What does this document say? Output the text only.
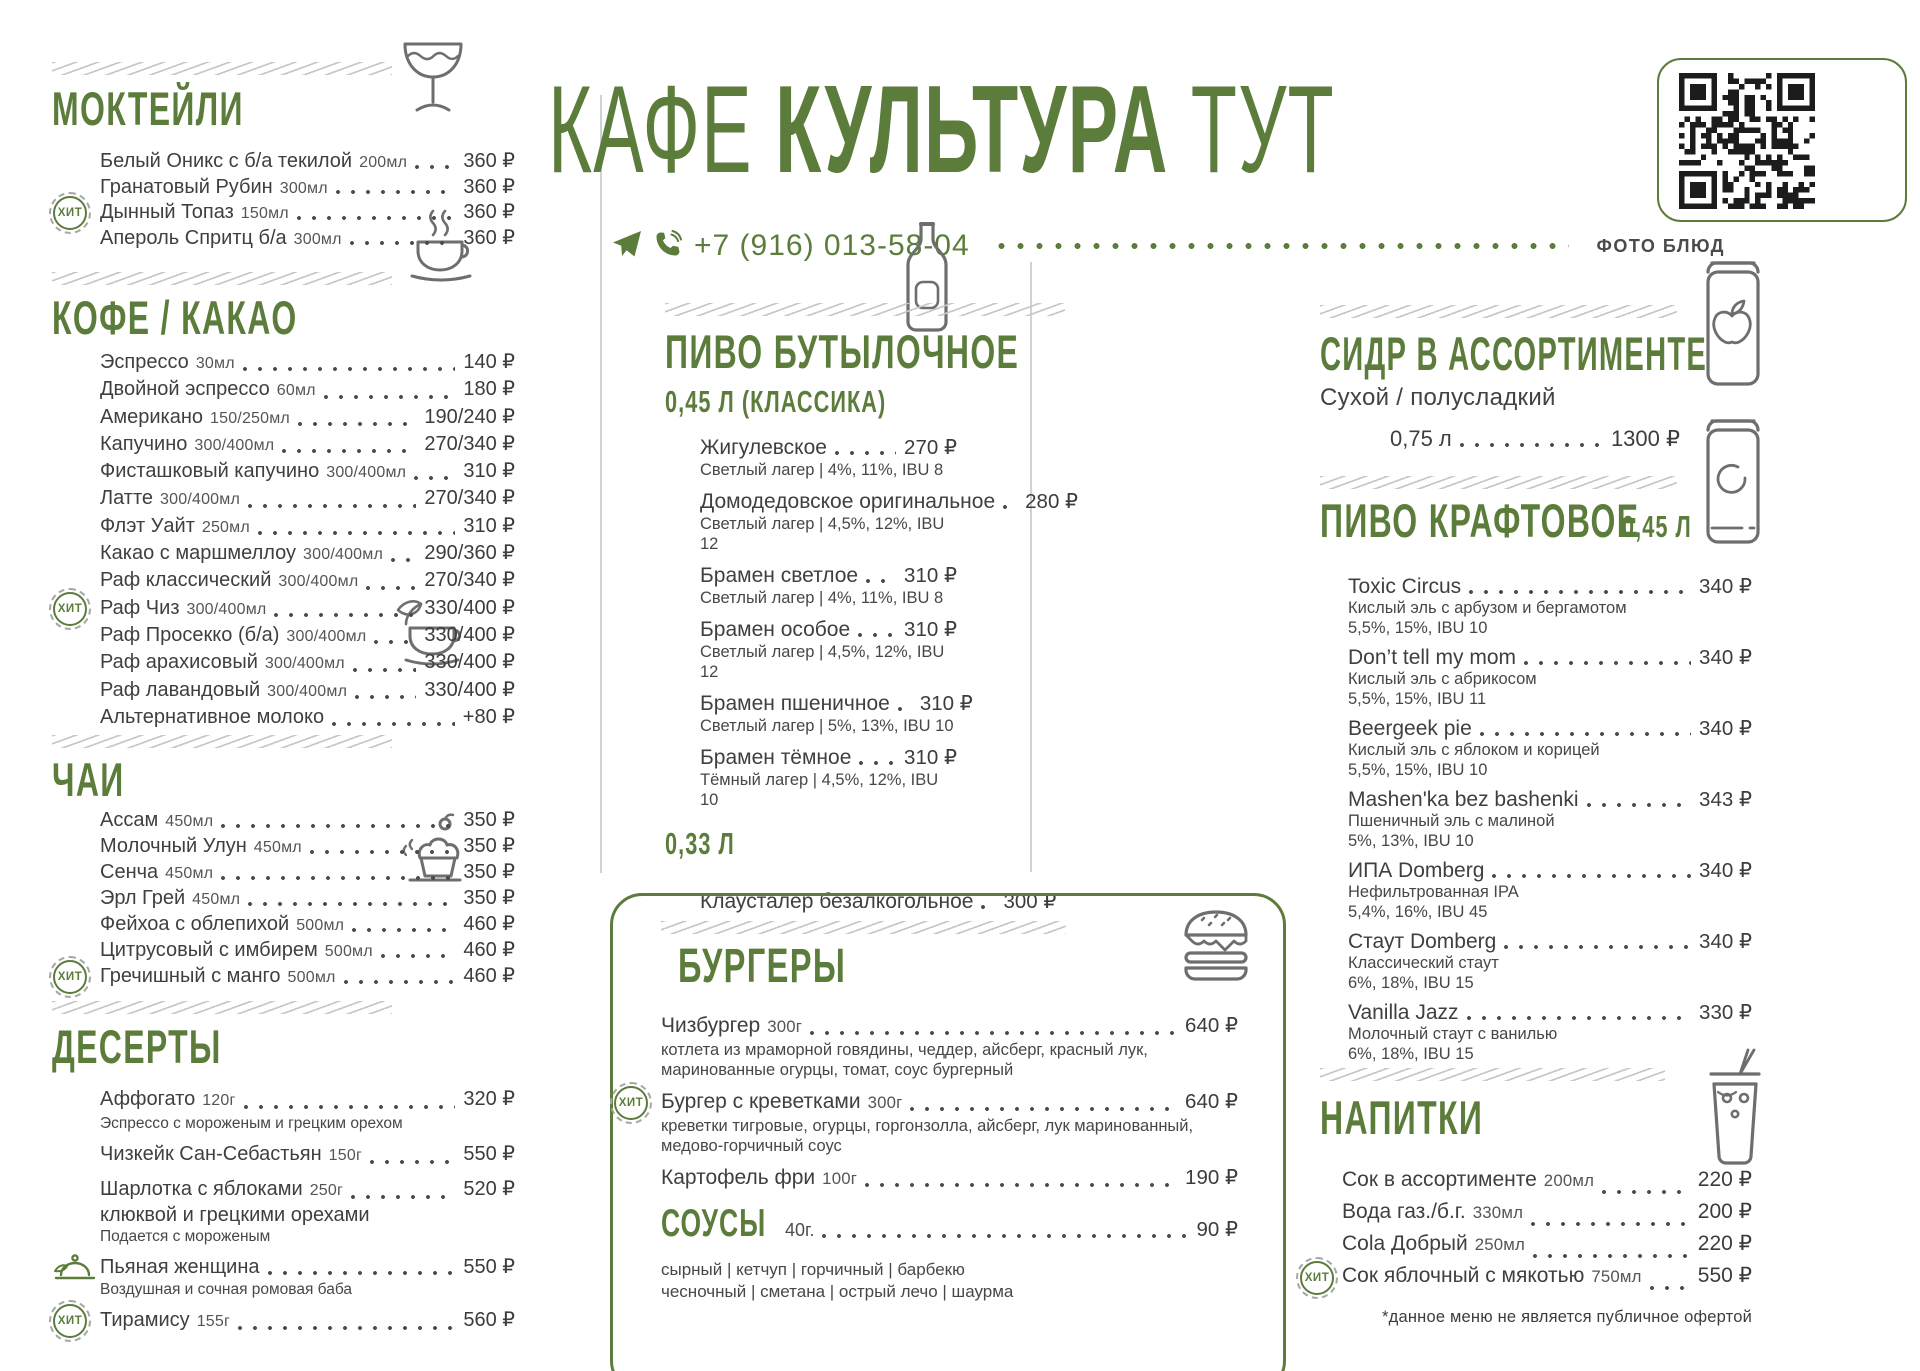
КАФЕ КУЛЬТУРА ТУТ
+7 (916) 013-58-04	ФОТО БЛЮД
МОКТЕЙЛИ
Белый Оникс с б/а текилой 200мл	360 ₽
Гранатовый Рубин 300мл	360 ₽
ХИТ Дынный Топаз 150мл	360 ₽
Апероль Спритц б/а 300мл	360 ₽
КОФЕ / КАКАО
Эспрессо 30мл	140 ₽
Двойной эспрессо 60мл	180 ₽
Американо 150/250мл	190/240 ₽
Капучино 300/400мл	270/340 ₽
Фисташковый капучино 300/400мл	310 ₽
Латте 300/400мл	270/340 ₽
Флэт Уайт 250мл	310 ₽
Какао с маршмеллоу 300/400мл 290/360 ₽
Раф классический 300/400мл	270/340 ₽
ХИТ Раф Чиз 300/400мл	330/400 ₽
Раф Просекко (б/а) 300/400мл	330/400 ₽
Раф арахисовый 300/400мл	330/400 ₽
Раф лавандовый 300/400мл	330/400 ₽
Альтернативное молоко	+80 ₽
ЧАИ
Ассам 450мл	350 ₽
Молочный Улун 450мл	350 ₽
Сенча 450мл	350 ₽
Эрл Грей 450мл	350 ₽
Фейхоа с облепихой 500мл	460 ₽
Цитрусовый с имбирем 500мл	460 ₽
ХИТ Гречишный с манго 500мл	460 ₽
ДЕСЕРТЫ
Аффогато 120г	320 ₽
Эспрессо с мороженым и грецким орехом
Чизкейк Сан-Себастьян 150г	550 ₽
Шарлотка с яблоками 250г	520 ₽
клюквой и грецкими орехами
Подается с мороженым
Пьяная женщина	550 ₽
Воздушная и сочная ромовая баба
ХИТ Тирамису 155г	560 ₽
ПИВО БУТЫЛОЧНОЕ
0,45 Л (КЛАССИКА)
Жигулевское	270 ₽
Светлый лагер | 4%, 11%, IBU 8
Домодедовское оригинальное 280 ₽
Светлый лагер | 4,5%, 12%, IBU 12
Брамен светлое 310 ₽
Светлый лагер | 4%, 11%, IBU 8
Брамен особое	310 ₽
Светлый лагер | 4,5%, 12%, IBU 12
Брамен пшеничное 310 ₽
Светлый лагер | 5%, 13%, IBU 10
Брамен тёмное	310 ₽
Тёмный лагер | 4,5%, 12%, IBU 10
0,33 Л
Клаусталер безалкогольное 300 ₽
БУРГЕРЫ
Чизбургер 300г	640 ₽
котлета из мраморной говядины, чеддер, айсберг, красный лук, маринованные огурцы, томат, соус бургерный
ХИТ Бургер с креветками 300г	640 ₽
креветки тигровые, огурцы, горгонзолла, айсберг, лук маринованный, медово-горчичный соус
Картофель фри 100г	190 ₽
СОУСЫ 40г.	90 ₽
сырный | кетчуп | горчичный | барбекю
чесночный | сметана | острый лечо | шаурма
СИДР В АССОРТИМЕНТЕ
Сухой / полусладкий
0,75 л	1300 ₽
ПИВО КРАФТОВОЕ
0,45 Л
Toxic Circus	340 ₽
Кислый эль с арбузом и бергамотом
5,5%, 15%, IBU 10
Don’t tell my mom	340 ₽
Кислый эль с абрикосом
5,5%, 15%, IBU 11
Beergeek pie	340 ₽
Кислый эль с яблоком и корицей
5,5%, 15%, IBU 10
Mashen'ka bez bashenki	343 ₽
Пшеничный эль с малиной
5%, 13%, IBU 10
ИПА Domberg	340 ₽
Нефильтрованная IPA
5,4%, 16%, IBU 45
Стаут Domberg	340 ₽
Классический стаут
6%, 18%, IBU 15
Vanilla Jazz	330 ₽
Молочный стаут с ванилью
6%, 18%, IBU 15
НАПИТКИ
Сок в ассортименте 200мл	220 ₽
Вода газ./б.г. 330мл	200 ₽
Cola Добрый 250мл	220 ₽
ХИТ Сок яблочный с мякотью 750мл	550 ₽
*данное меню не является публичное офертой
